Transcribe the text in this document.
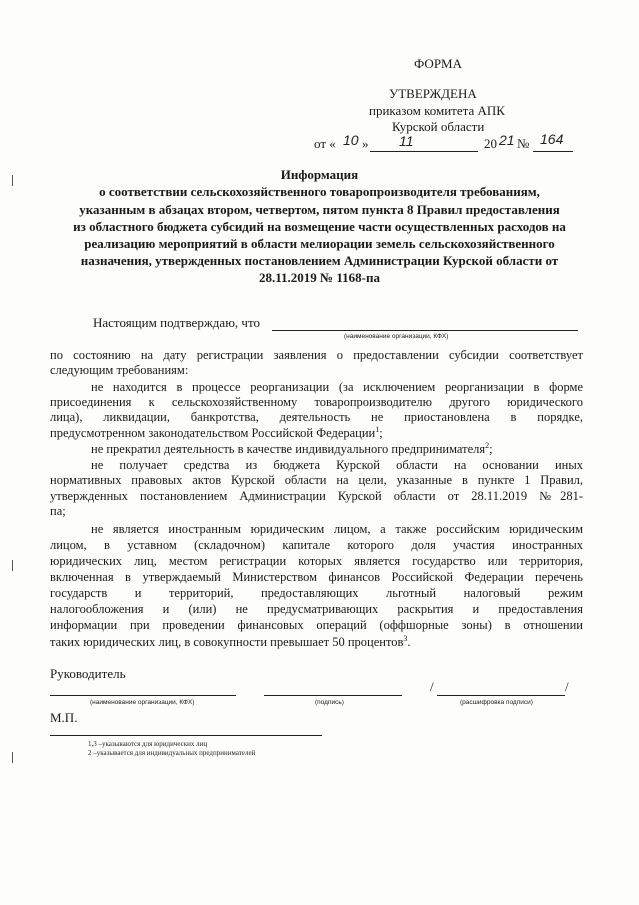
ФОРМА
УТВЕРЖДЕНА
приказом комитета АПК
Курской области
от « 10 » 11	20 21 № 164
Информация
о соответствии сельскохозяйственного товаропроизводителя требованиям,
указанным в абзацах втором, четвертом, пятом пункта 8 Правил предоставления
из областного бюджета субсидий на возмещение части осуществленных расходов на
реализацию мероприятий в области мелиорации земель сельскохозяйственного
назначения, утвержденных постановлением Администрации Курской области от
28.11.2019 № 1168-па
Настоящим подтверждаю, что
(наименование организации, КФХ)
по состоянию на дату регистрации заявления о предоставлении субсидии соответствует
следующим требованиям:
не находится в процессе реорганизации (за исключением реорганизации в форме
присоединения к сельскохозяйственному товаропроизводителю другого юридического
лица), ликвидации, банкротства, деятельность не приостановлена в порядке,
предусмотренном законодательством Российской Федерации$^1$;
не прекратил деятельность в качестве индивидуального предпринимателя$^2$;
не получает средства из бюджета Курской области на основании иных
нормативных правовых актов Курской области на цели, указанные в пункте 1 Правил,
утвержденных постановлением Администрации Курской области от 28.11.2019 №281-
па;
не является иностранным юридическим лицом, а также российским юридическим
лицом, в уставном (складочном) капитале которого доля участия иностранных
юридических лиц, местом регистрации которых является государство или территория,
включенная в утверждаемый Министерством финансов Российской Федерации перечень
государств и территорий, предоставляющих льготный налоговый режим
налогообложения и (или) не предусматривающих раскрытия и предоставления
информации при проведении финансовых операций (оффшорные зоны) в отношении
таких юридических лиц, в совокупности превышает 50 процентов$^3$.
Руководитель
/	/
(наименование организации, КФХ)	(подпись)	(расшифровка подписи)
М.П.
1,3 –указываются для юридических лиц
2 –указывается для индивидуальных предпринимателей
